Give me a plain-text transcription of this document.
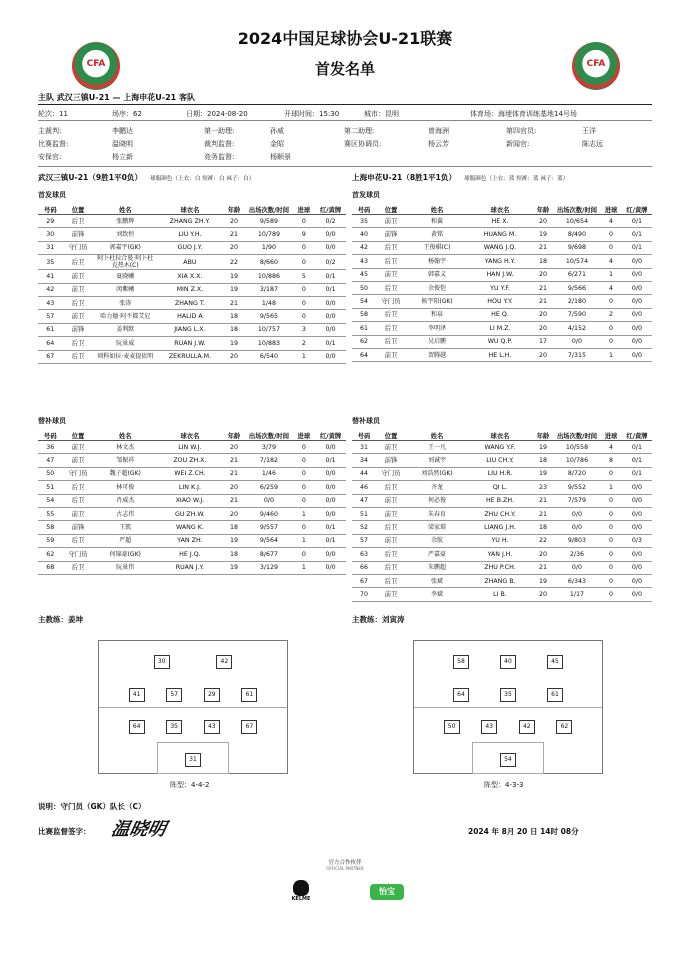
CFA	CFA
2024中国足球协会U-21联赛
首发名单
主队 武汉三镇U-21 — 上海申花U-21 客队
轮次：11	场序：62	日期：2024-08-20	开球时间：15:30	城市：昆明	体育场：海埂体育训练基地14号场
主裁判:	李鹏达	第一助理:	孙威	第二助理:	曾海洲	第四官员:	王洋
比赛监督:	温晓明	裁判监督:	金昭	赛区协调员:	杨云芳	新闻官:	陈志远
安保官:	杨立新	竞务监督:	杨顺景
武汉三镇U-21（9胜1平0负） 球服颜色（上衣：白 短裤：白 袜子：白）
首发球员
号码	位置	姓名	球衣名	年龄	出场次数/时间	进球	红/黄牌
29	后卫	张鹏辉	ZHANG ZH.Y.	20	9/589	0	0/2
30	前锋	刘致恒	LIU Y.H.	21	10/789	9	0/0
31	守门员	郭嘉宇(GK)	GUO J.Y.	20	1/90	0	0/0
35	后卫	阿卜杜拉合曼·阿卜杜克热木(C)	ABU	22	8/660	0	0/2
41	前卫	夏晓曦	XIA X.X.	19	10/886	5	0/1
42	前卫	闵紫曦	MIN Z.X.	19	3/187	0	0/1
43	后卫	张涛	ZHANG T.	21	1/48	0	0/0
57	前卫	哈力德·阿不都艾尼	HALID A	18	9/565	0	0/0
61	前锋	姜利默	JIANG L.X.	18	10/757	3	0/0
64	后卫	阮景威	RUAN J.W.	19	10/883	2	0/1
67	后卫	则科如拉·麦麦提依明	ZEKRULLA.M.	20	6/540	1	0/0
替补球员
号码	位置	姓名	球衣名	年龄	出场次数/时间	进球	红/黄牌
36	前卫	林文杰	LIN W.J.	20	3/79	0	0/0
47	前卫	邹振祥	ZOU ZH.X.	21	7/182	0	0/1
50	守门员	魏子超(GK)	WEI Z.CH.	21	1/46	0	0/0
51	后卫	林可俊	LIN K.J.	20	6/259	0	0/0
54	后卫	肖威杰	XIAO W.J.	21	0/0	0	0/0
55	前卫	古志伟	GU ZH.W.	20	9/460	1	0/0
58	前锋	王凯	WANG K.	18	9/557	0	0/1
59	后卫	严超	YAN ZH.	19	9/564	1	0/1
62	守门员	何锦豪(GK)	HE J.Q.	18	8/677	0	0/0
68	后卫	阮景伟	RUAN J.Y.	19	3/129	1	0/0
上海申花U-21（8胜1平1负） 球服颜色（上衣：蓝 短裤：蓝 袜子：蓝）
首发球员
号码	位置	姓名	球衣名	年龄	出场次数/时间	进球	红/黄牌
35	前卫	和翼	HE X.	20	10/654	4	0/1
40	前锋	黄铭	HUANG M.	19	8/490	0	0/1
42	后卫	王俊棋(C)	WANG J.Q.	21	9/698	0	0/1
43	后卫	杨翰宇	YANG H.Y.	18	10/574	4	0/0
45	前卫	韩嘉义	HAN J.W.	20	6/271	1	0/0
50	后卫	余俊恺	YU Y.F.	21	9/566	4	0/0
54	守门员	候宇阳(GK)	HOU Y.Y.	21	2/180	0	0/0
58	后卫	和泉	HE Q.	20	7/590	2	0/0
61	后卫	李明泽	LI M.Z.	20	4/152	0	0/0
62	后卫	吴启鹏	WU Q.P.	17	0/0	0	0/0
64	前卫	贺腾越	HE L.H.	20	7/315	1	0/0
替补球员
号码	位置	姓名	球衣名	年龄	出场次数/时间	进球	红/黄牌
31	前卫	王一凡	WANG Y.F.	19	10/558	4	0/1
34	前锋	刘诚宇	LIU CH.Y.	18	10/786	8	0/1
44	守门员	刘浩然(GK)	LIU H.R.	19	8/720	0	0/1
46	后卫	齐龙	QI L.	23	9/552	1	0/0
47	前卫	何必俊	HE B.ZH.	21	7/579	0	0/0
51	前卫	朱春育	ZHU CH.Y.	21	0/0	0	0/0
52	后卫	梁家璟	LIANG J.H.	18	0/0	0	0/0
57	前卫	余航	YU H.	22	9/803	0	0/3
63	后卫	严嘉豪	YAN J.H.	20	2/36	0	0/0
66	后卫	朱鹏超	ZHU P.CH.	21	0/0	0	0/0
67	后卫	张斌	ZHANG B.	19	6/343	0	0/0
70	前卫	李斌	LI B.	20	1/17	0	0/0
主教练：姜坤	主教练：刘寅涛
30	42
41	57	29	61
64	35	43	67
31
阵型：4-4-2
58	40	45
64	35	61
50	43	42	62
54
阵型：4-3-3
说明：守门员（GK）队长（C）
比赛监督签字： 温晓明	2024 年 8月 20 日 14时 08分
官方合作伙伴
OFFICIAL PARTNER
KELME
怡宝
